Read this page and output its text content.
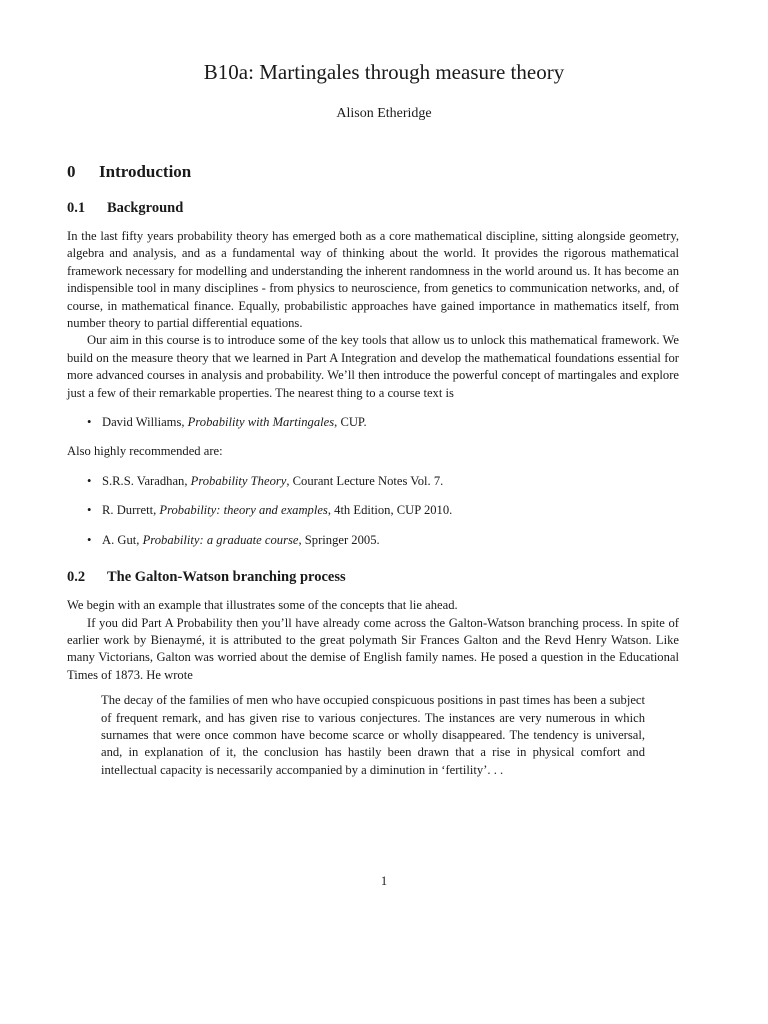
B10a: Martingales through measure theory
Alison Etheridge
0 Introduction
0.1 Background

In the last fifty years probability theory has emerged both as a core mathematical discipline, sitting alongside geometry, algebra and analysis, and as a fundamental way of thinking about the world. It provides the rigorous mathematical framework necessary for modelling and understanding the inherent randomness in the world around us. It has become an indispensible tool in many disciplines - from physics to neuroscience, from genetics to communication networks, and, of course, in mathematical finance. Equally, probabilistic approaches have gained importance in mathematics itself, from number theory to partial differential equations.

Our aim in this course is to introduce some of the key tools that allow us to unlock this mathematical framework. We build on the measure theory that we learned in Part A Integration and develop the mathematical foundations essential for more advanced courses in analysis and probability. We’ll then introduce the powerful concept of martingales and explore just a few of their remarkable properties. The nearest thing to a course text is

• David Williams, Probability with Martingales, CUP.

Also highly recommended are:

• S.R.S. Varadhan, Probability Theory, Courant Lecture Notes Vol. 7.
• R. Durrett, Probability: theory and examples, 4th Edition, CUP 2010.
• A. Gut, Probability: a graduate course, Springer 2005.
0.2 The Galton-Watson branching process

We begin with an example that illustrates some of the concepts that lie ahead.

If you did Part A Probability then you’ll have already come across the Galton-Watson branching process. In spite of earlier work by Bienaymé, it is attributed to the great polymath Sir Frances Galton and the Revd Henry Watson. Like many Victorians, Galton was worried about the demise of English family names. He posed a question in the Educational Times of 1873. He wrote

The decay of the families of men who have occupied conspicuous positions in past times has been a subject of frequent remark, and has given rise to various conjectures. The instances are very numerous in which surnames that were once common have become scarce or wholly disappeared. The tendency is universal, and, in explanation of it, the conclusion has hastily been drawn that a rise in physical comfort and intellectual capacity is necessarily accompanied by a diminution in ‘fertility’. . .

1
